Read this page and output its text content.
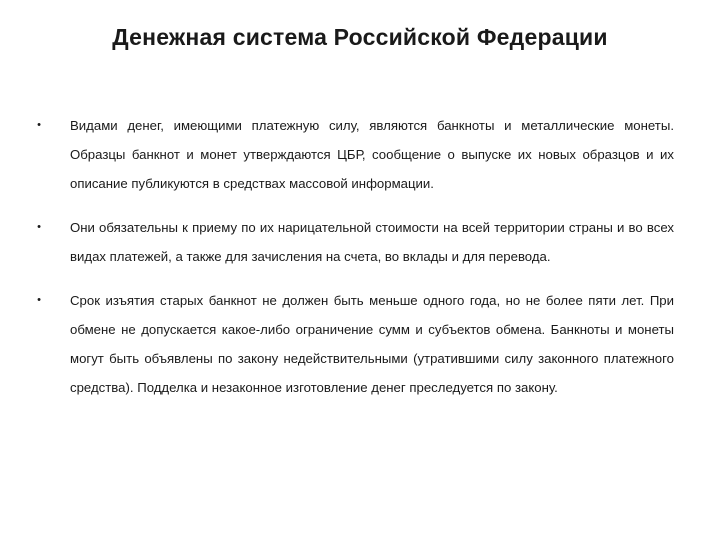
Денежная система Российской Федерации
•	Видами денег, имеющими платежную силу, являются банкноты и металлические монеты. Образцы банкнот и монет утверждаются ЦБР, сообщение о выпуске их новых образцов и их описание публикуются в средствах массовой информации.
•	Они обязательны к приему по их нарицательной стоимости на всей территории страны и во всех видах платежей, а также для зачисления на счета, во вклады и для перевода.
•	Срок изъятия старых банкнот не должен быть меньше одного года, но не более пяти лет. При обмене не допускается какое-либо ограничение сумм и субъектов обмена. Банкноты и монеты могут быть объявлены по закону недействительными (утратившими силу законного платежного средства). Подделка и незаконное изготовление денег преследуется по закону.
